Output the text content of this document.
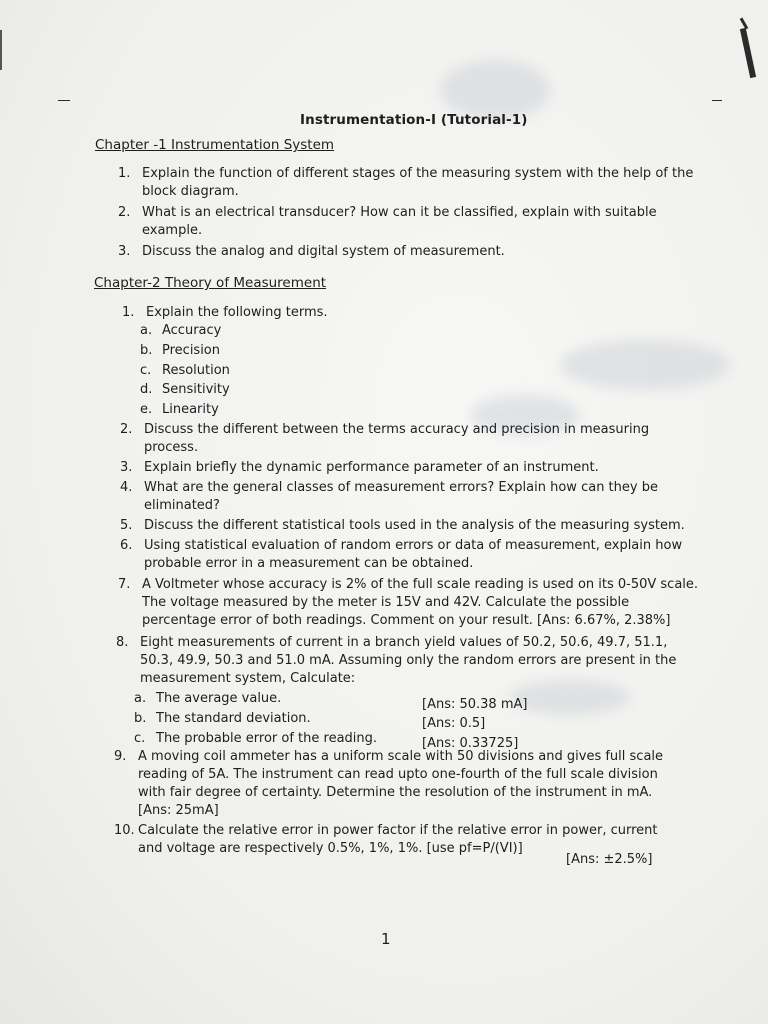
Instrumentation-I (Tutorial-1)
Chapter -1 Instrumentation System
1. Explain the function of different stages of the measuring system with the help of the
block diagram.
2. What is an electrical transducer? How can it be classified, explain with suitable
example.
3. Discuss the analog and digital system of measurement.
Chapter-2 Theory of Measurement
1. Explain the following terms.
a. Accuracy
b. Precision
c. Resolution
d. Sensitivity
e. Linearity
2. Discuss the different between the terms accuracy and precision in measuring
process.
3. Explain briefly the dynamic performance parameter of an instrument.
4. What are the general classes of measurement errors? Explain how can they be
eliminated?
5. Discuss the different statistical tools used in the analysis of the measuring system.
6. Using statistical evaluation of random errors or data of measurement, explain how
probable error in a measurement can be obtained.
7. A Voltmeter whose accuracy is 2% of the full scale reading is used on its 0-50V scale.
The voltage measured by the meter is 15V and 42V. Calculate the possible
percentage error of both readings. Comment on your result. [Ans: 6.67%, 2.38%]
8. Eight measurements of current in a branch yield values of 50.2, 50.6, 49.7, 51.1,
50.3, 49.9, 50.3 and 51.0 mA. Assuming only the random errors are present in the
measurement system, Calculate:
a. The average value.	[Ans: 50.38 mA]
b. The standard deviation.	[Ans: 0.5]
c. The probable error of the reading.	[Ans: 0.33725]
9. A moving coil ammeter has a uniform scale with 50 divisions and gives full scale
reading of 5A. The instrument can read upto one-fourth of the full scale division
with fair degree of certainty. Determine the resolution of the instrument in mA.
[Ans: 25mA]
10. Calculate the relative error in power factor if the relative error in power, current
and voltage are respectively 0.5%, 1%, 1%. [use pf=P/(VI)]
[Ans: ±2.5%]
1
